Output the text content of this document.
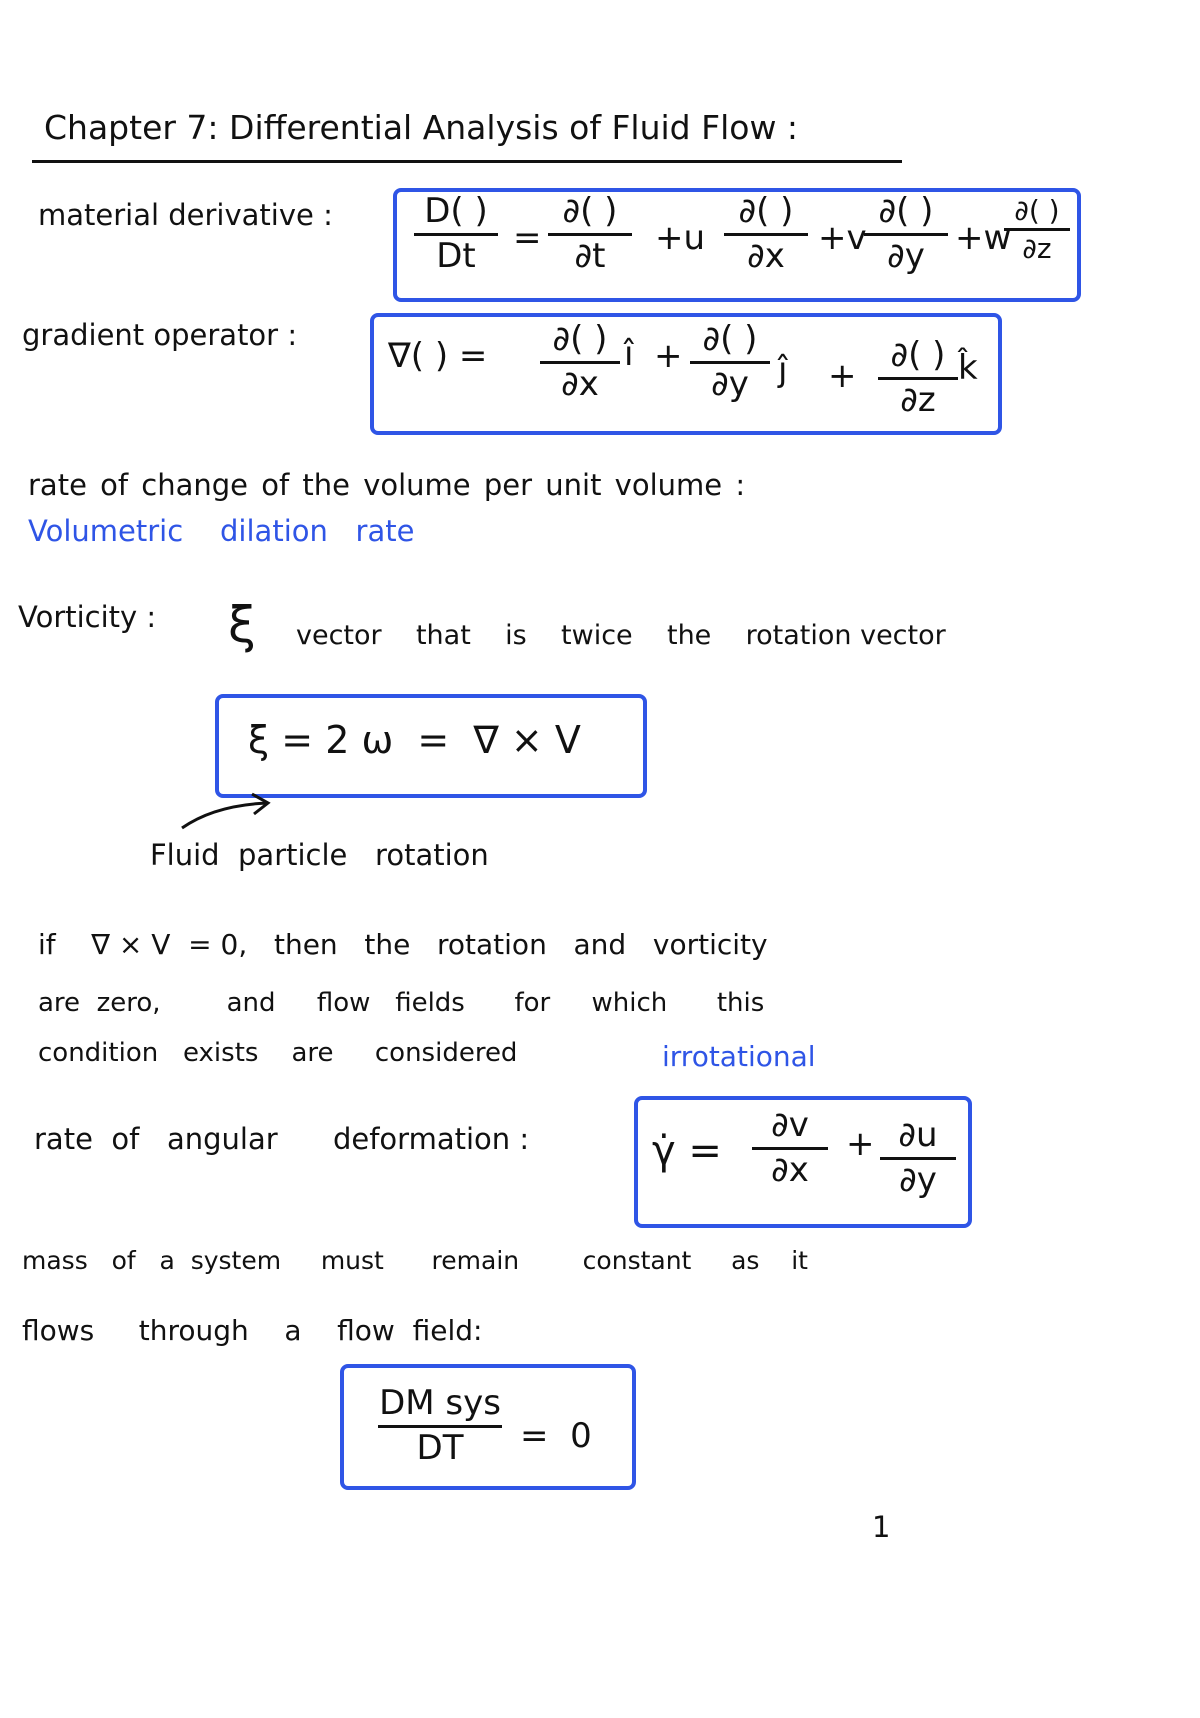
Chapter 7: Differential Analysis of Fluid Flow :
material derivative :	D( )
Dt	=
∂( )
∂t	+u
∂( )
∂x +v
∂( )
∂y +w
∂( )
∂z
gradient operator :
∇( ) =	∂( )
∂x
î + ∂( )
∂y ĵ +
∂( )
∂z
k̂
rate of change of the volume per unit volume :
Volumetric    dilation   rate
Vorticity : ξ vector    that    is    twice    the    rotation vector
ξ = 2 ω  =  ∇ × V
Fluid  particle   rotation
if    ∇ × V  = 0,   then   the   rotation   and   vorticity
are  zero,        and     flow   fields      for     which      this
condition   exists    are     considered	irrotational
rate  of   angular      deformation :	γ̇ =
∂v
∂x
+ ∂u
∂y
mass   of   a  system     must      remain        constant     as    it
flows     through    a    flow  field:
DM sys
DT	=  0
1
